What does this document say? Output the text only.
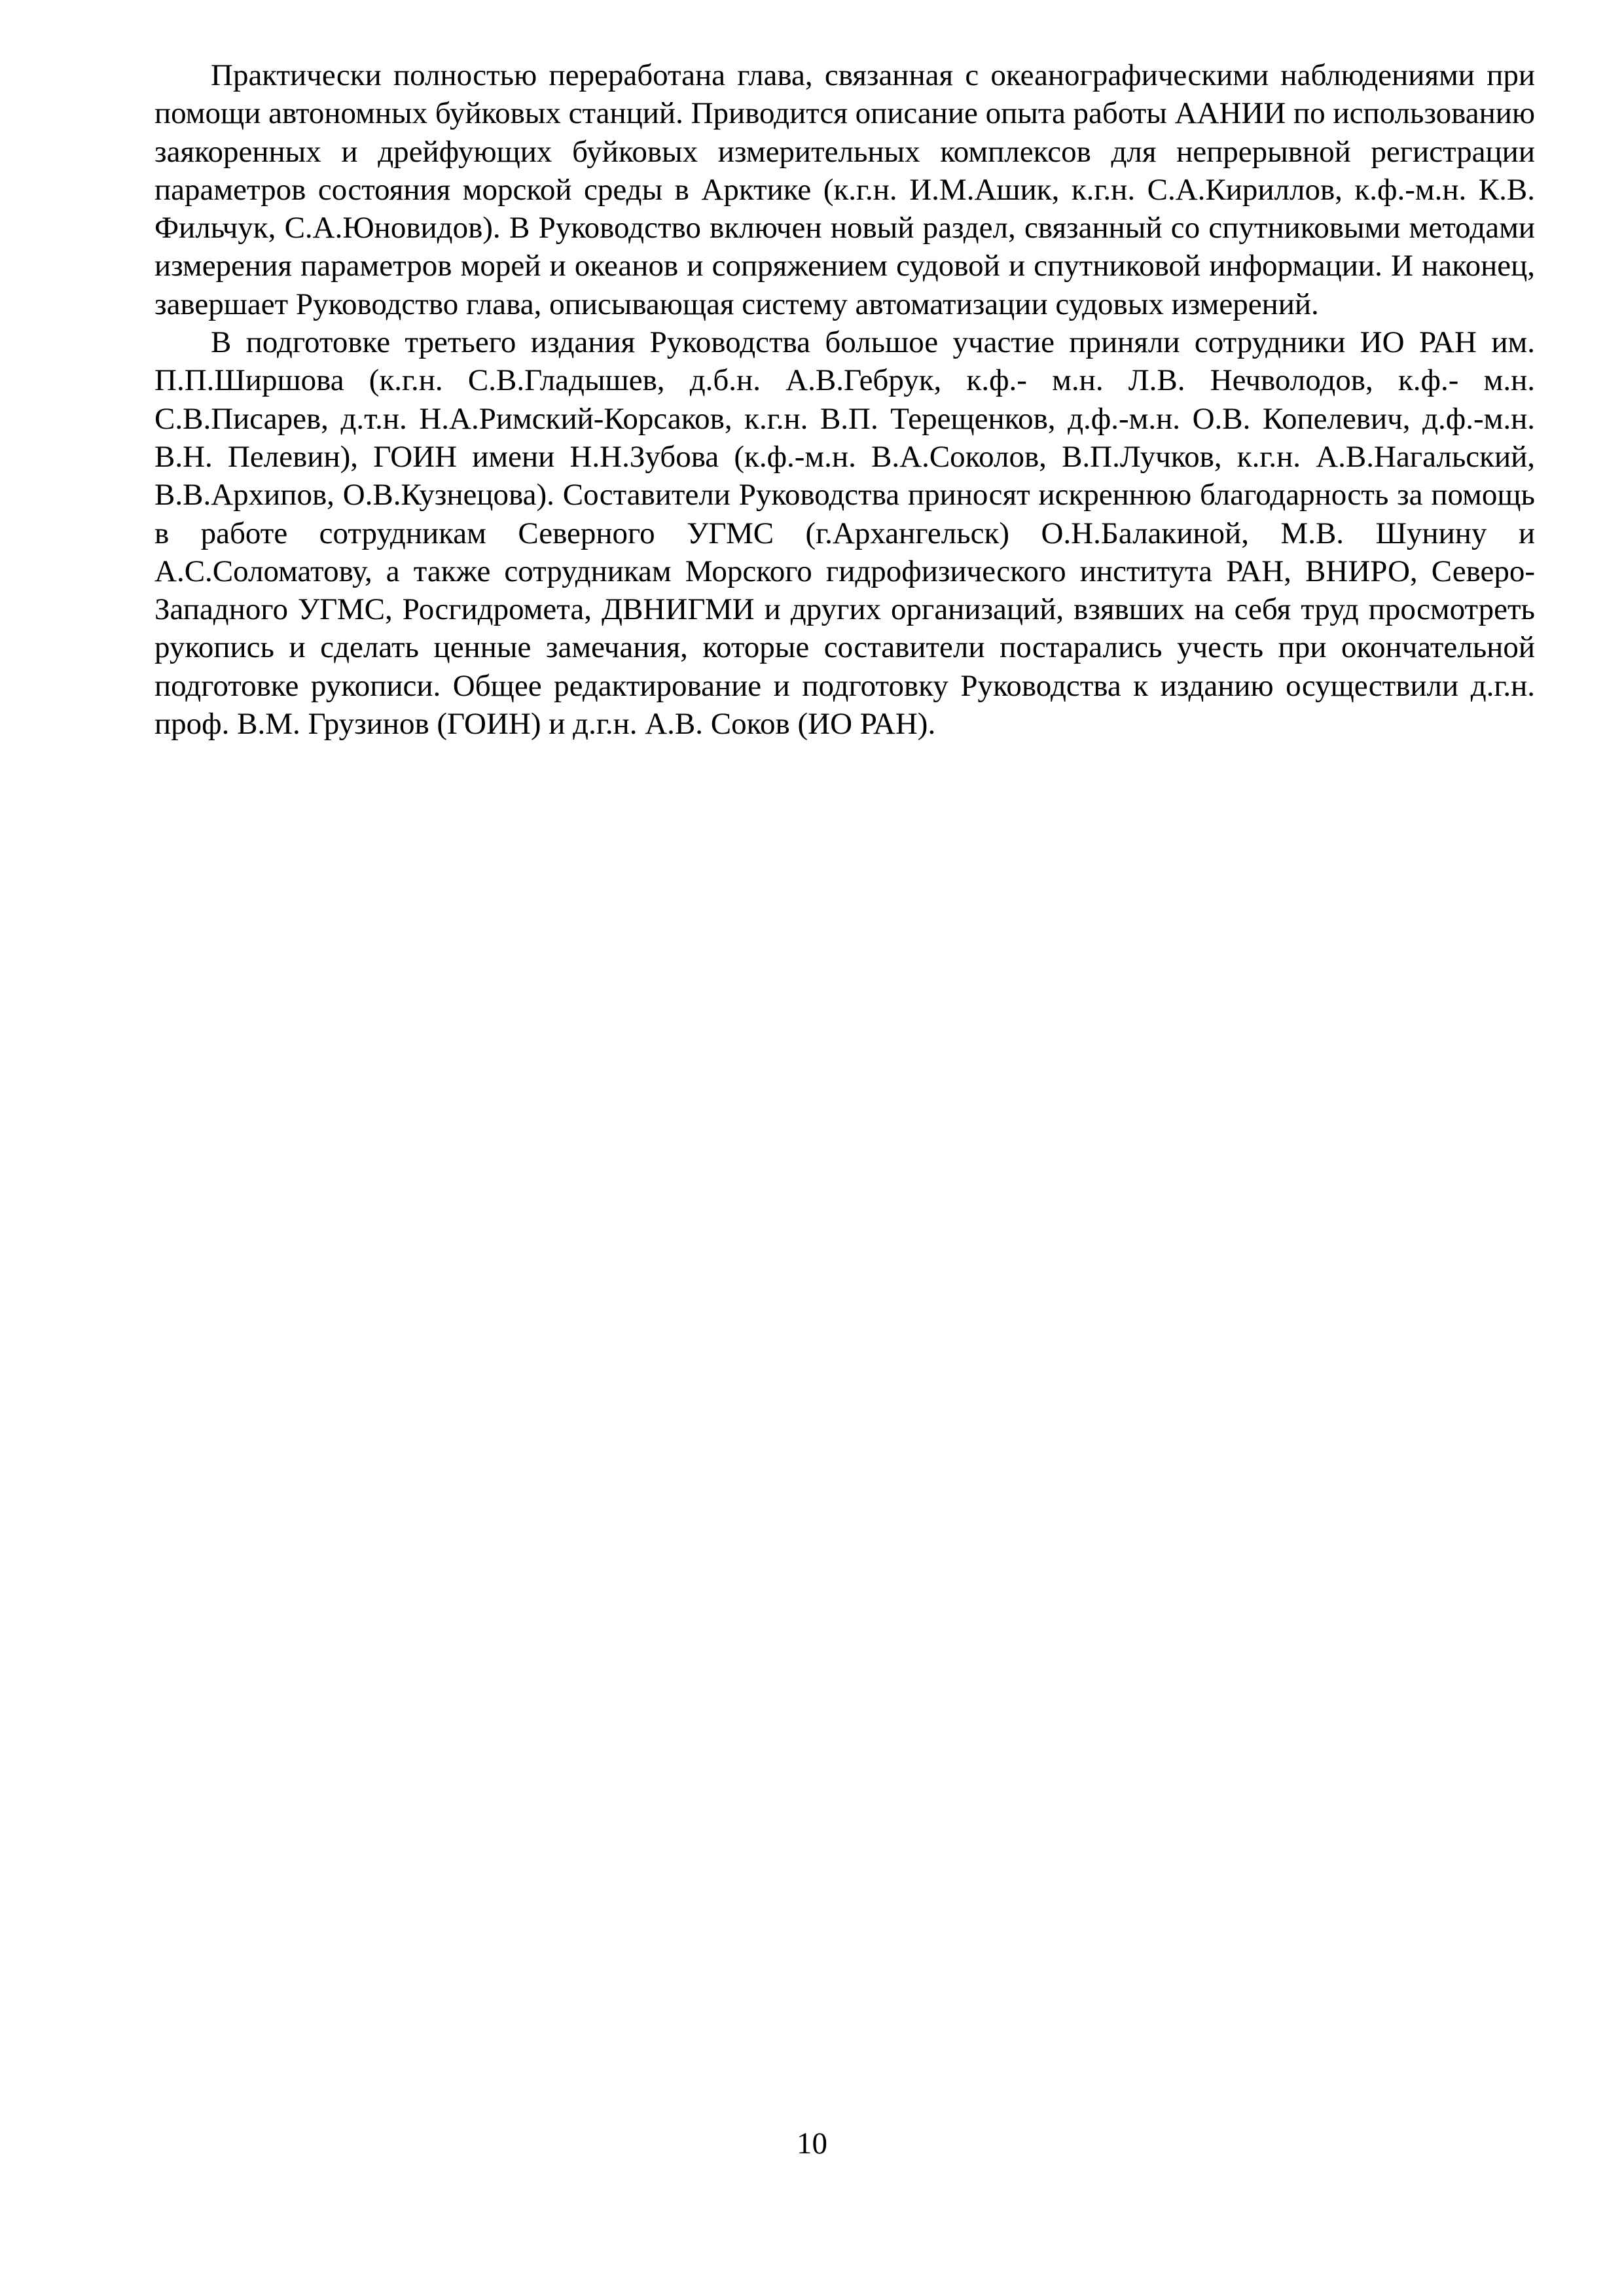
Практически полностью переработана глава, связанная с океанографическими наблюдениями при помощи автономных буйковых станций. Приводится описание опыта работы ААНИИ по использованию заякоренных и дрейфующих буйковых измерительных комплексов для непрерывной регистрации параметров состояния морской среды в Арктике (к.г.н. И.М.Ашик, к.г.н. С.А.Кириллов, к.ф.-м.н. К.В. Фильчук, С.А.Юновидов). В Руководство включен новый раздел, связанный со спутниковыми методами измерения параметров морей и океанов и сопряжением судовой и спутниковой информации. И наконец, завершает Руководство глава, описывающая систему автоматизации судовых измерений.

В подготовке третьего издания Руководства большое участие приняли сотрудники ИО РАН им. П.П.Ширшова (к.г.н. С.В.Гладышев, д.б.н. А.В.Гебрук, к.ф.- м.н. Л.В. Нечволодов, к.ф.- м.н. С.В.Писарев, д.т.н. Н.А.Римский-Корсаков, к.г.н. В.П. Терещенков, д.ф.-м.н. О.В. Копелевич, д.ф.-м.н. В.Н. Пелевин), ГОИН имени Н.Н.Зубова (к.ф.-м.н. В.А.Соколов, В.П.Лучков, к.г.н. А.В.Нагальский, В.В.Архипов, О.В.Кузнецова). Составители Руководства приносят искреннюю благодарность за помощь в работе сотрудникам Северного УГМС (г.Архангельск) О.Н.Балакиной, М.В. Шунину и А.С.Соломатову, а также сотрудникам Морского гидрофизического института РАН, ВНИРО, Северо-Западного УГМС, Росгидромета, ДВНИГМИ и других организаций, взявших на себя труд просмотреть рукопись и сделать ценные замечания, которые составители постарались учесть при окончательной подготовке рукописи. Общее редактирование и подготовку Руководства к изданию осуществили д.г.н. проф. В.М. Грузинов (ГОИН) и д.г.н. А.В. Соков (ИО РАН).

10
